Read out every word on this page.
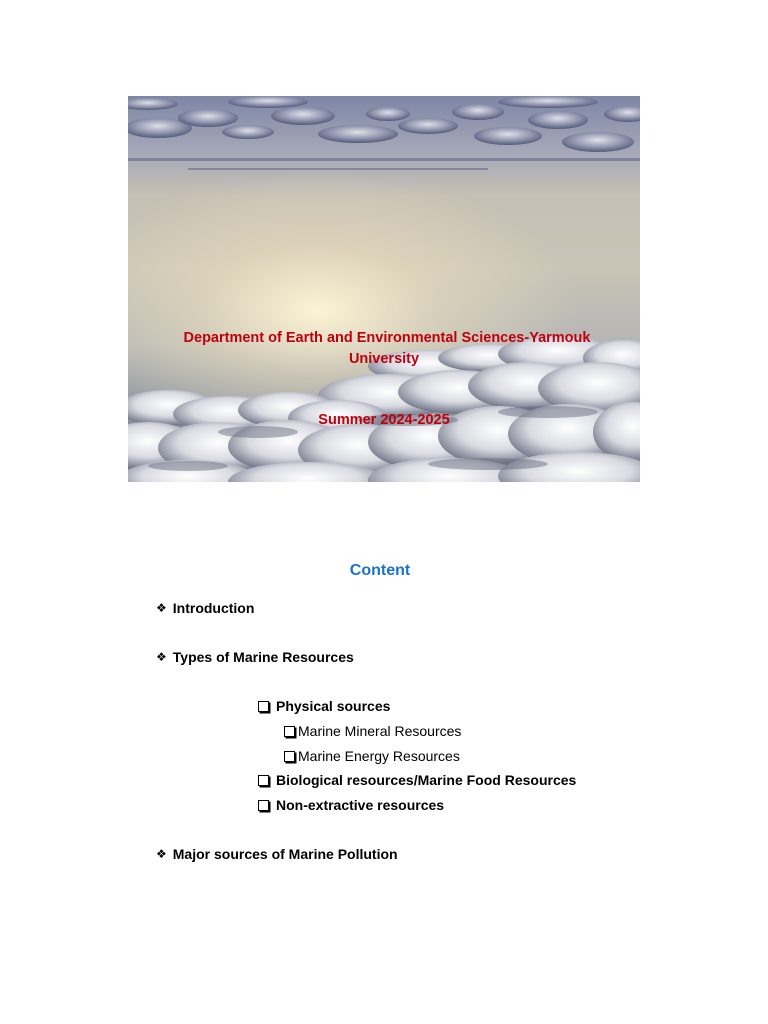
Department of Earth and Environmental Sciences-Yarmouk
University
Summer 2024-2025
Content
❖ Introduction
❖ Types of Marine Resources
Physical sources
Marine Mineral Resources
Marine Energy Resources
Biological resources/Marine Food Resources
Non-extractive resources
❖ Major sources of Marine Pollution
